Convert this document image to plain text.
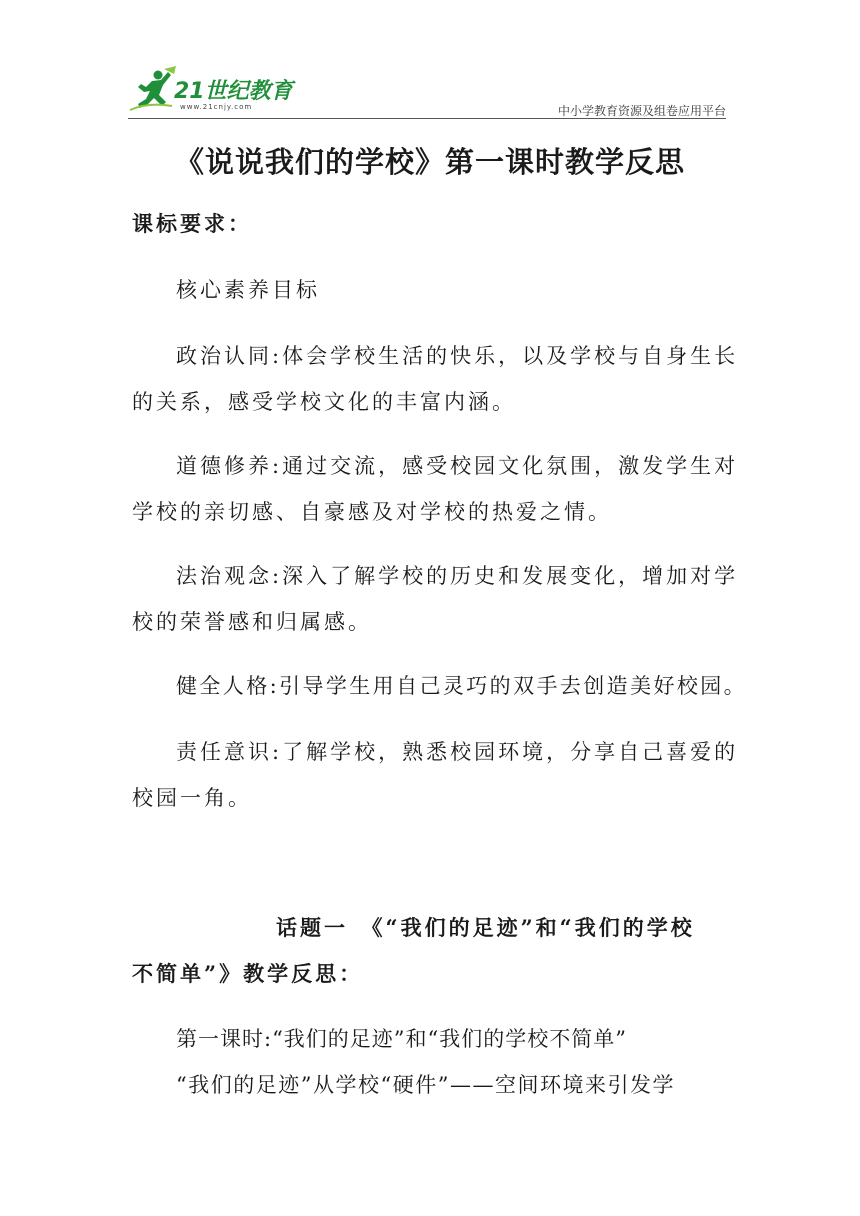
21世纪教育
www.21cnjy.com	中小学教育资源及组卷应用平台
《说说我们的学校》第一课时教学反思
课标要求：
核心素养目标
政治认同:体会学校生活的快乐，以及学校与自身生长
的关系，感受学校文化的丰富内涵。
道德修养:通过交流，感受校园文化氛围，激发学生对
学校的亲切感、自豪感及对学校的热爱之情。
法治观念:深入了解学校的历史和发展变化，增加对学
校的荣誉感和归属感。
健全人格:引导学生用自己灵巧的双手去创造美好校园。
责任意识:了解学校，熟悉校园环境，分享自己喜爱的
校园一角。
话题一　《“我们的足迹”和“我们的学校
不简单”》教学反思：
第一课时:“我们的足迹”和“我们的学校不简单”
“我们的足迹”从学校“硬件”——空间环境来引发学
